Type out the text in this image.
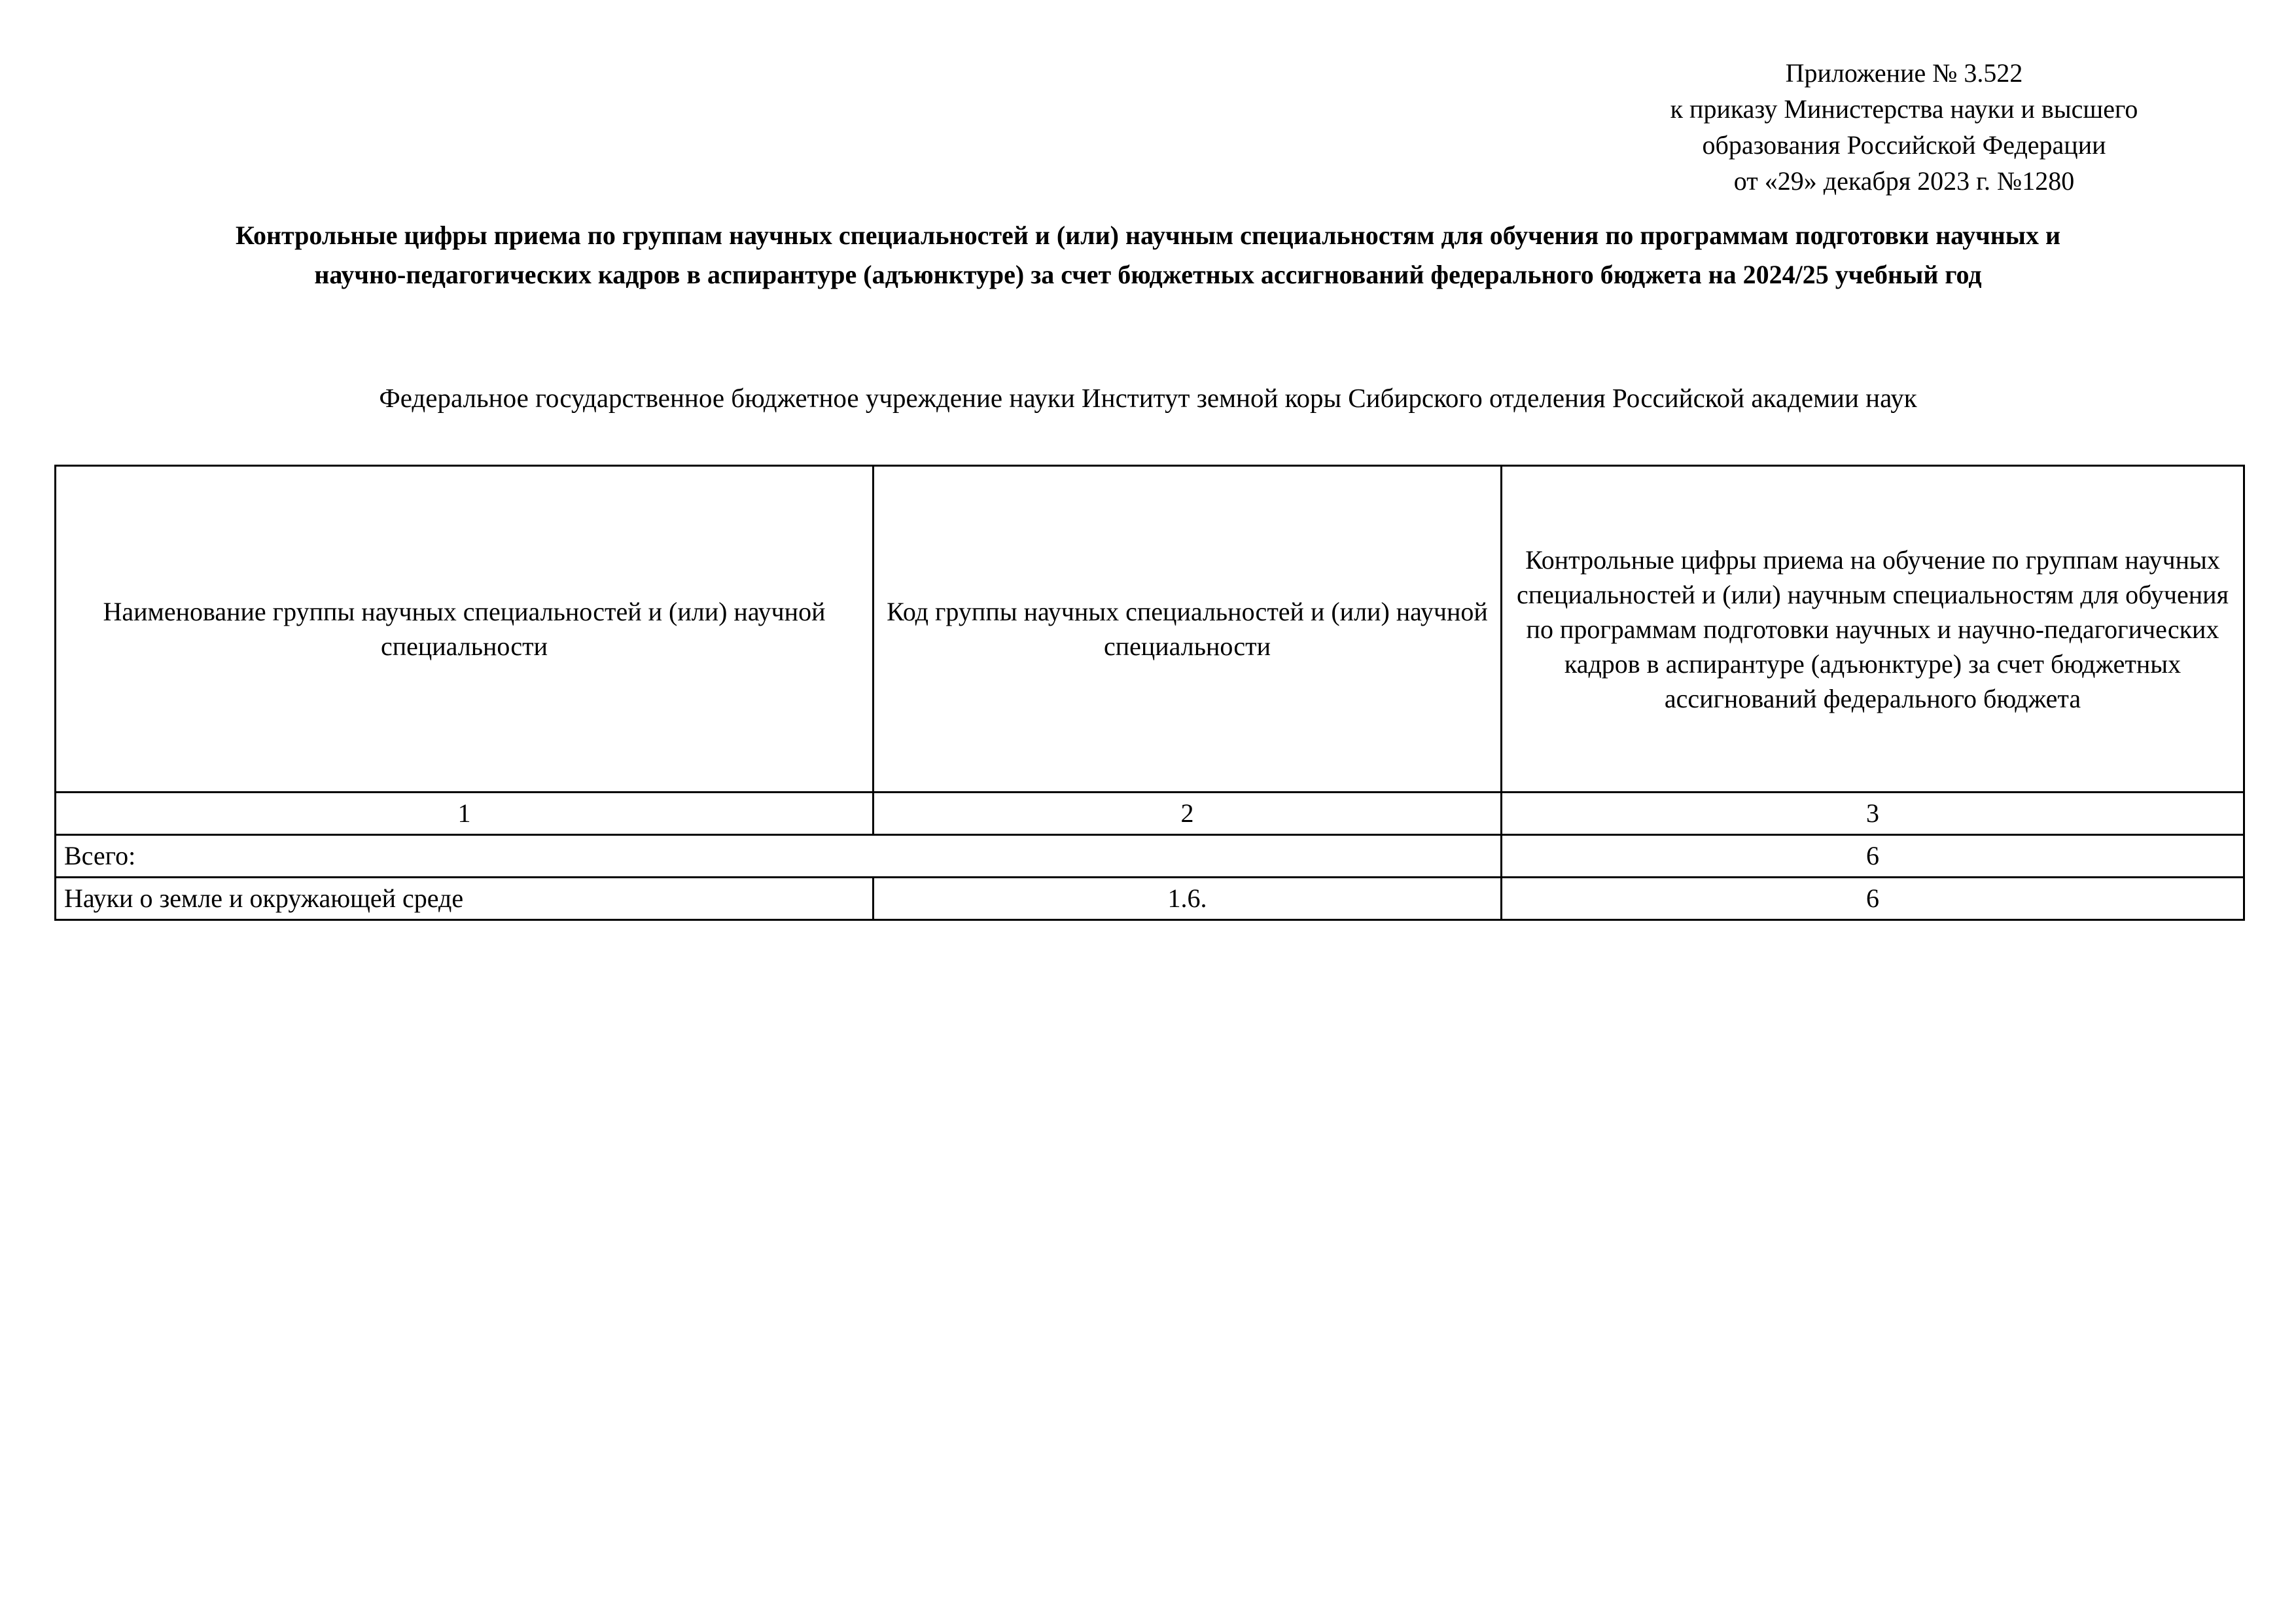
Приложение № 3.522
к приказу Министерства науки и высшего
образования Российской Федерации
от «29» декабря 2023 г. №1280
Контрольные цифры приема по группам научных специальностей и (или) научным специальностям для обучения по программам подготовки научных и
научно-педагогических кадров в аспирантуре (адъюнктуре) за счет бюджетных ассигнований федерального бюджета на 2024/25 учебный год
Федеральное государственное бюджетное учреждение науки Институт земной коры Сибирского отделения Российской академии наук
Наименование группы научных специальностей и (или) научной специальности	Код группы научных специальностей и (или) научной специальности	Контрольные цифры приема на обучение по группам научных специальностей и (или) научным специальностям для обучения по программам подготовки научных и научно-педагогических кадров в аспирантуре (адъюнктуре) за счет бюджетных ассигнований федерального бюджета
1	2	3
Всего:		6
Науки о земле и окружающей среде	1.6.	6
